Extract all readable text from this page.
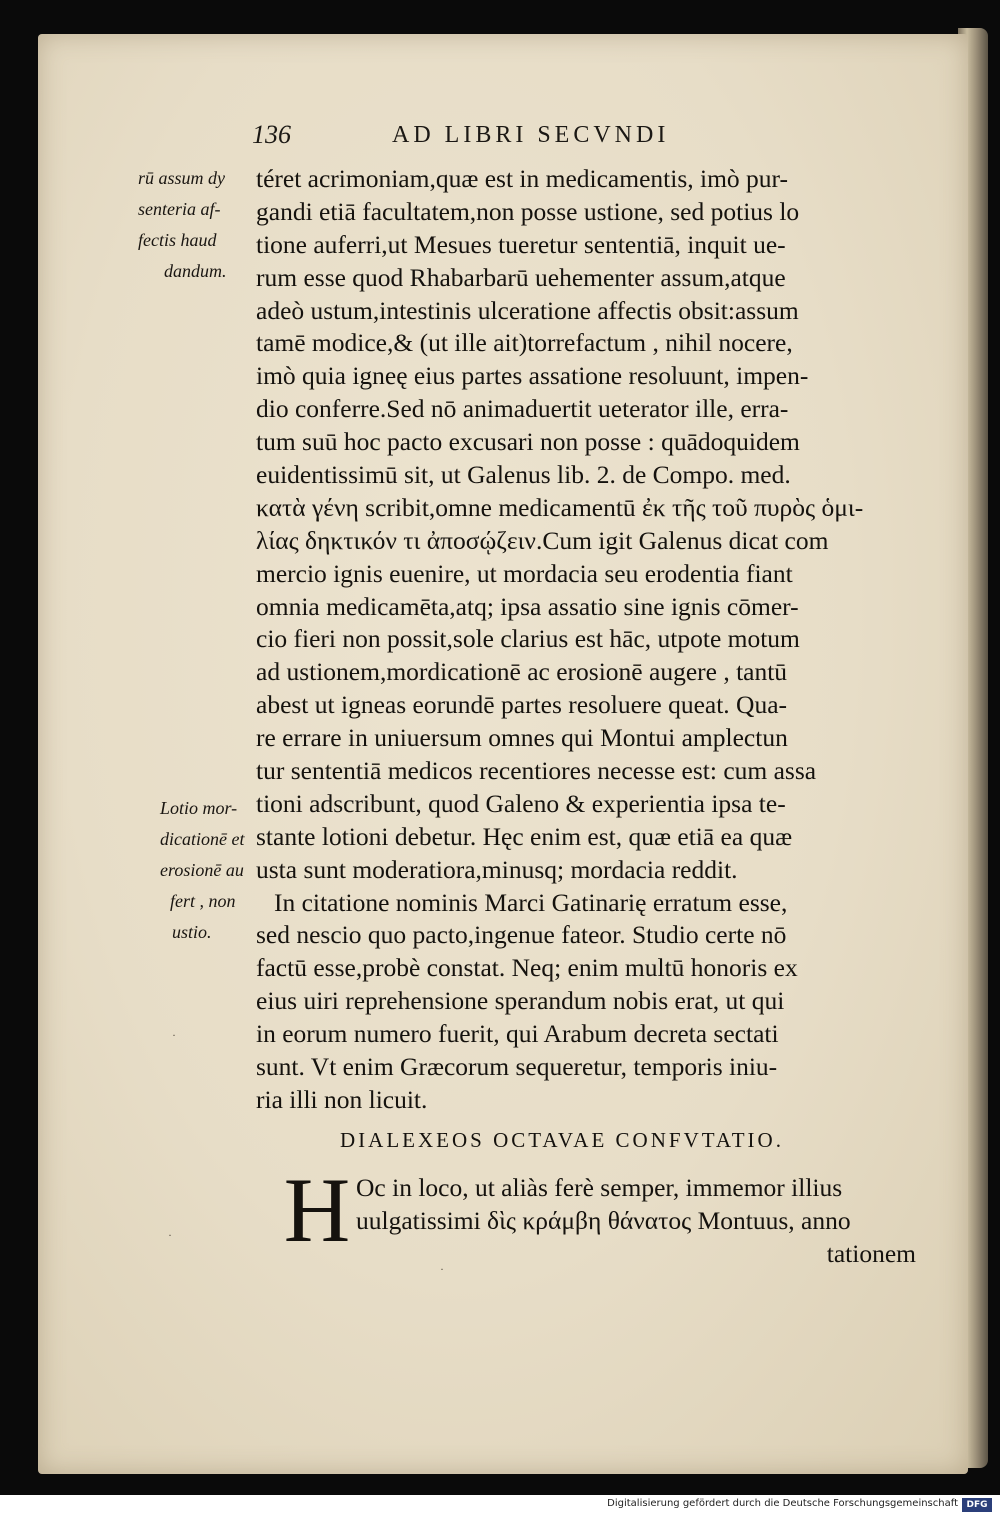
136	AD LIBRI SECVNDI
rū assum dy
senteria af-
fectis haud
dandum.
Lotio mor-
dicationē et
erosionē au
fert , non
ustio.
téret acrimoniam,quæ est in medicamentis, imò pur-
gandi etiā facultatem,non posse ustione, sed potius lo
tione auferri,ut Mesues tueretur sententiā, inquit ue-
rum esse quod Rhabarbarū uehementer assum,atque
adeò ustum,intestinis ulceratione affectis obsit:assum
tamē modice,& (ut ille ait)torrefactum , nihil nocere,
imò quia igneę eius partes assatione resoluunt, impen-
dio conferre.Sed nō animaduertit ueterator ille, erra-
tum suū hoc pacto excusari non posse : quādoquidem
euidentissimū sit, ut Galenus lib. 2. de Compo. med.
κατὰ γένη scribit,omne medicamentū ἐκ τῆς τοῦ πυρὸς ὁμι-
λίας δηκτικόν τι ἀποσῴζειν.Cum igit Galenus dicat com
mercio ignis euenire, ut mordacia seu erodentia fiant
omnia medicamēta,atq; ipsa assatio sine ignis cōmer-
cio fieri non possit,sole clarius est hāc, utpote motum
ad ustionem,mordicationē ac erosionē augere , tantū
abest ut igneas eorundē partes resoluere queat. Qua-
re errare in uniuersum omnes qui Montui amplectun
tur sententiā medicos recentiores necesse est: cum assa
tioni adscribunt, quod Galeno & experientia ipsa te-
stante lotioni debetur. Hęc enim est, quæ etiā ea quæ
usta sunt moderatiora,minusq; mordacia reddit.
In citatione nominis Marci Gatinarię erratum esse,
sed nescio quo pacto,ingenue fateor. Studio certe nō
factū esse,probè constat. Neq; enim multū honoris ex
eius uiri reprehensione sperandum nobis erat, ut qui
in eorum numero fuerit, qui Arabum decreta sectati
sunt. Vt enim Græcorum sequeretur, temporis iniu-
ria illi non licuit.
DIALEXEOS OCTAVAE CONFVTATIO.
H Oc in loco, ut aliàs ferè semper, immemor illius
uulgatissimi δὶς κράμβη θάνατος Montuus, anno
tationem
·
·
·
Digitalisierung gefördert durch die Deutsche Forschungsgemeinschaft DFG
